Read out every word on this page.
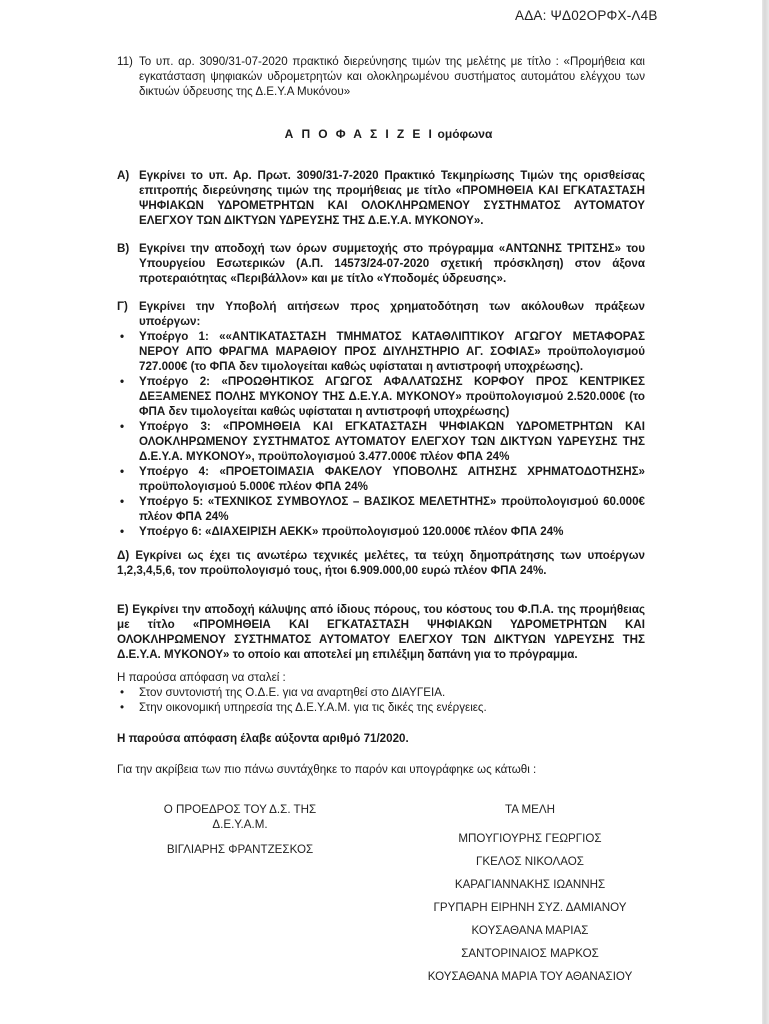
ΑΔΑ: ΨΔ02ΟΡΦΧ-Λ4Β
11) Το υπ. αρ. 3090/31-07-2020 πρακτικό διερεύνησης τιμών της μελέτης με τίτλο : «Προμήθεια και εγκατάσταση ψηφιακών υδρομετρητών και ολοκληρωμένου συστήματος αυτομάτου ελέγχου των δικτυών ύδρευσης της Δ.Ε.Υ.Α Μυκόνου»
Α Π Ο Φ Α Σ Ι Ζ Ε Ι ομόφωνα
Α) Εγκρίνει το υπ. Αρ. Πρωτ. 3090/31-7-2020 Πρακτικό Τεκμηρίωσης Τιμών της ορισθείσας επιτροπής διερεύνησης τιμών της προμήθειας με τίτλο «ΠΡΟΜΗΘΕΙΑ ΚΑΙ ΕΓΚΑΤΑΣΤΑΣΗ ΨΗΦΙΑΚΩΝ ΥΔΡΟΜΕΤΡΗΤΩΝ ΚΑΙ ΟΛΟΚΛΗΡΩΜΕΝΟΥ ΣΥΣΤΗΜΑΤΟΣ ΑΥΤΟΜΑΤΟΥ ΕΛΕΓΧΟΥ ΤΩΝ ΔΙΚΤΥΩΝ ΥΔΡΕΥΣΗΣ ΤΗΣ Δ.Ε.Υ.Α. ΜΥΚΟΝΟΥ».
Β) Εγκρίνει την αποδοχή των όρων συμμετοχής στο πρόγραμμα «ΑΝΤΩΝΗΣ ΤΡΙΤΣΗΣ» του Υπουργείου Εσωτερικών (Α.Π. 14573/24-07-2020 σχετική πρόσκληση) στον άξονα προτεραιότητας «Περιβάλλον» και με τίτλο «Υποδομές ύδρευσης».
Γ) Εγκρίνει την Υποβολή αιτήσεων προς χρηματοδότηση των ακόλουθων πράξεων υποέργων:
• Υποέργο 1: ««ΑΝΤΙΚΑΤΑΣΤΑΣΗ ΤΜΗΜΑΤΟΣ ΚΑΤΑΘΛΙΠΤΙΚΟΥ ΑΓΩΓΟΥ ΜΕΤΑΦΟΡΑΣ ΝΕΡΟΥ ΑΠΌ ΦΡΑΓΜΑ ΜΑΡΑΘΙΟΥ ΠΡΟΣ ΔΙΥΛΗΣΤΗΡΙΟ ΑΓ. ΣΟΦΙΑΣ» προϋπολογισμού 727.000€ (το ΦΠΑ δεν τιμολογείται καθώς υφίσταται η αντιστροφή υποχρέωσης).
• Υποέργο 2: «ΠΡΟΩΘΗΤΙΚΟΣ ΑΓΩΓΟΣ ΑΦΑΛΑΤΩΣΗΣ ΚΟΡΦΟΥ ΠΡΟΣ ΚΕΝΤΡΙΚΕΣ ΔΕΞΑΜΕΝΕΣ ΠΟΛΗΣ ΜΥΚΟΝΟΥ ΤΗΣ Δ.Ε.Υ.Α. ΜΥΚΟΝΟΥ» προϋπολογισμού 2.520.000€ (το ΦΠΑ δεν τιμολογείται καθώς υφίσταται η αντιστροφή υποχρέωσης)
• Υποέργο 3: «ΠΡΟΜΗΘΕΙΑ ΚΑΙ ΕΓΚΑΤΑΣΤΑΣΗ ΨΗΦΙΑΚΩΝ ΥΔΡΟΜΕΤΡΗΤΩΝ ΚΑΙ ΟΛΟΚΛΗΡΩΜΕΝΟΥ ΣΥΣΤΗΜΑΤΟΣ ΑΥΤΟΜΑΤΟΥ ΕΛΕΓΧΟΥ ΤΩΝ ΔΙΚΤΥΩΝ ΥΔΡΕΥΣΗΣ ΤΗΣ Δ.Ε.Υ.Α. ΜΥΚΟΝΟΥ», προϋπολογισμού 3.477.000€ πλέον ΦΠΑ 24%
• Υποέργο 4: «ΠΡΟΕΤΟΙΜΑΣΙΑ ΦΑΚΕΛΟΥ ΥΠΟΒΟΛΗΣ ΑΙΤΗΣΗΣ ΧΡΗΜΑΤΟΔΟΤΗΣΗΣ» προϋπολογισμού 5.000€ πλέον ΦΠΑ 24%
• Υποέργο 5: «ΤΕΧΝΙΚΟΣ ΣΥΜΒΟΥΛΟΣ – ΒΑΣΙΚΟΣ ΜΕΛΕΤΗΤΗΣ» προϋπολογισμού 60.000€ πλέον ΦΠΑ 24%
• Υποέργο 6: «ΔΙΑΧΕΙΡΙΣΗ ΑΕΚΚ» προϋπολογισμού 120.000€ πλέον ΦΠΑ 24%
Δ) Εγκρίνει ως έχει τις ανωτέρω τεχνικές μελέτες, τα τεύχη δημοπράτησης των υποέργων 1,2,3,4,5,6, τον προϋπολογισμό τους, ήτοι 6.909.000,00 ευρώ πλέον ΦΠΑ 24%.
Ε) Εγκρίνει την αποδοχή κάλυψης από ίδιους πόρους, του κόστους του Φ.Π.Α. της προμήθειας με τίτλο «ΠΡΟΜΗΘΕΙΑ ΚΑΙ ΕΓΚΑΤΑΣΤΑΣΗ ΨΗΦΙΑΚΩΝ ΥΔΡΟΜΕΤΡΗΤΩΝ ΚΑΙ ΟΛΟΚΛΗΡΩΜΕΝΟΥ ΣΥΣΤΗΜΑΤΟΣ ΑΥΤΟΜΑΤΟΥ ΕΛΕΓΧΟΥ ΤΩΝ ΔΙΚΤΥΩΝ ΥΔΡΕΥΣΗΣ ΤΗΣ Δ.Ε.Υ.Α. ΜΥΚΟΝΟΥ» το οποίο και αποτελεί μη επιλέξιμη δαπάνη για το πρόγραμμα.
Η παρούσα απόφαση να σταλεί :
• Στον συντονιστή της Ο.Δ.Ε. για να αναρτηθεί στο ΔΙΑΥΓΕΙΑ.
• Στην οικονομική υπηρεσία της Δ.Ε.Υ.Α.Μ. για τις δικές της ενέργειες.
Η παρούσα απόφαση έλαβε αύξοντα αριθμό 71/2020.
Για την ακρίβεια των πιο πάνω συντάχθηκε το παρόν και υπογράφηκε ως κάτωθι :
Ο ΠΡΟΕΔΡΟΣ ΤΟΥ Δ.Σ. ΤΗΣ
Δ.Ε.Υ.Α.Μ.
ΒΙΓΛΙΑΡΗΣ ΦΡΑΝΤΖΕΣΚΟΣ
ΤΑ ΜΕΛΗ
ΜΠΟΥΓΙΟΥΡΗΣ ΓΕΩΡΓΙΟΣ
ΓΚΕΛΟΣ ΝΙΚΟΛΑΟΣ
ΚΑΡΑΓΙΑΝΝΑΚΗΣ ΙΩΑΝΝΗΣ
ΓΡΥΠΑΡΗ ΕΙΡΗΝΗ ΣΥΖ. ΔΑΜΙΑΝΟΥ
ΚΟΥΣΑΘΑΝΑ ΜΑΡΙΑΣ
ΣΑΝΤΟΡΙΝΑΙΟΣ ΜΑΡΚΟΣ
ΚΟΥΣΑΘΑΝΑ ΜΑΡΙΑ ΤΟΥ ΑΘΑΝΑΣΙΟΥ
